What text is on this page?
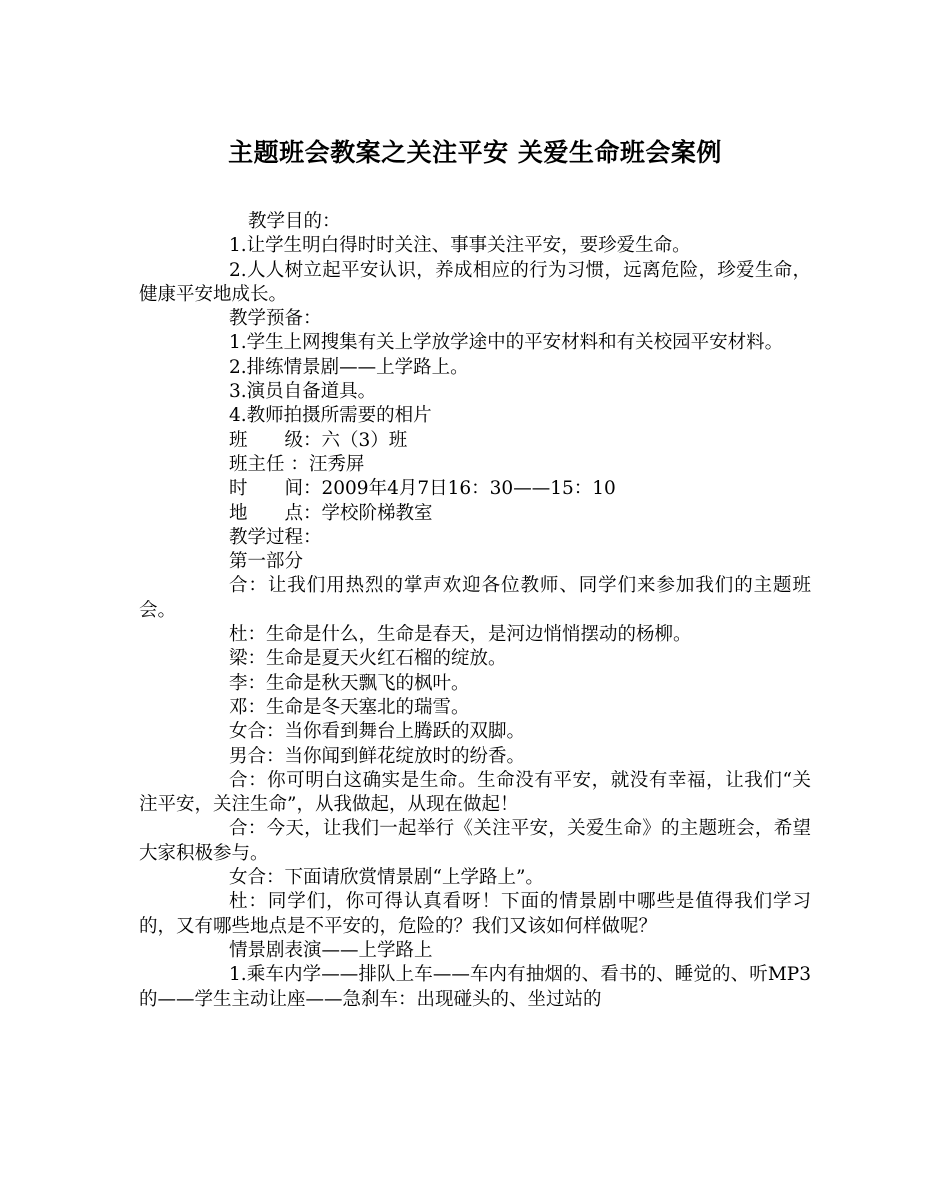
主题班会教案之关注平安 关爱生命班会案例

教学目的：

1.让学生明白得时时关注、事事关注平安，要珍爱生命。

2.人人树立起平安认识，养成相应的行为习惯，远离危险，珍爱生命，健康平安地成长。

教学预备：

1.学生上网搜集有关上学放学途中的平安材料和有关校园平安材料。

2.排练情景剧——上学路上。

3.演员自备道具。

4.教师拍摄所需要的相片

班　　级：六（3）班

班主任 ：汪秀屏

时　　间：2009年4月7日16：30——15：10

地　　点：学校阶梯教室

教学过程：

第一部分

合：让我们用热烈的掌声欢迎各位教师、同学们来参加我们的主题班会。

杜：生命是什么，生命是春天，是河边悄悄摆动的杨柳。

梁：生命是夏天火红石榴的绽放。

李：生命是秋天飘飞的枫叶。

邓：生命是冬天塞北的瑞雪。

女合：当你看到舞台上腾跃的双脚。

男合：当你闻到鲜花绽放时的纷香。

合：你可明白这确实是生命。生命没有平安，就没有幸福，让我们“关注平安，关注生命”，从我做起，从现在做起！

合：今天，让我们一起举行《关注平安，关爱生命》的主题班会，希望大家积极参与。

女合：下面请欣赏情景剧“上学路上”。

杜：同学们，你可得认真看呀！下面的情景剧中哪些是值得我们学习的，又有哪些地点是不平安的，危险的？我们又该如何样做呢？

情景剧表演——上学路上

1.乘车内学——排队上车——车内有抽烟的、看书的、睡觉的、听MP3的——学生主动让座——急刹车：出现碰头的、坐过站的
